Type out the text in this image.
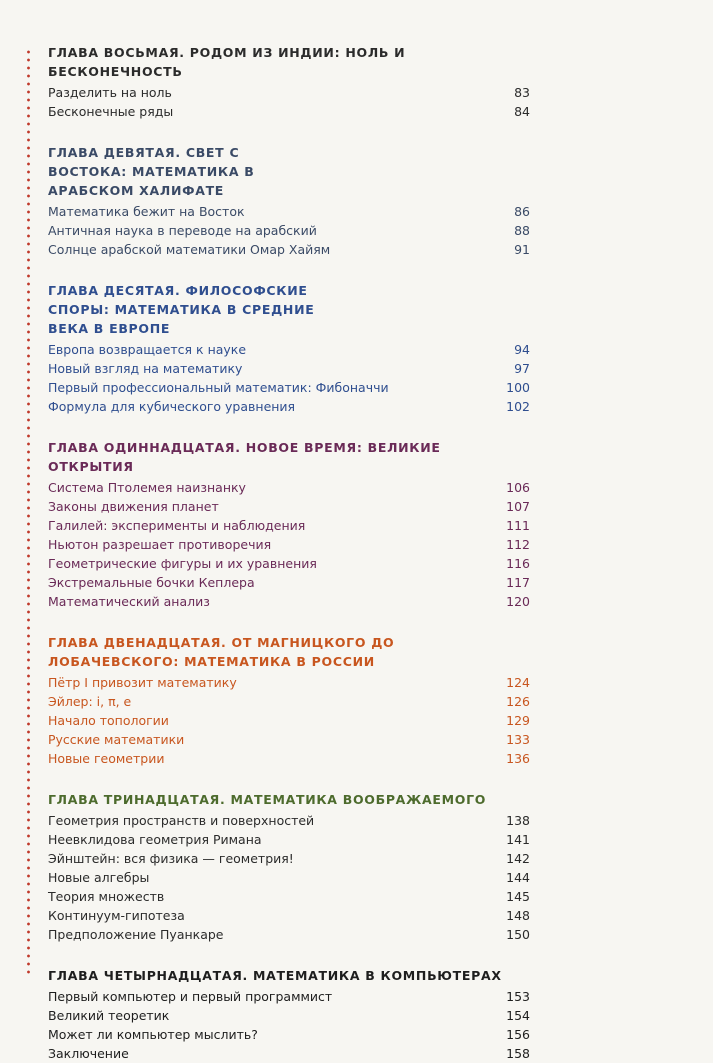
ГЛАВА ВОСЬМАЯ. РОДОМ ИЗ ИНДИИ: НОЛЬ И БЕСКОНЕЧНОСТЬ
Разделить на ноль	83
Бесконечные ряды	84
ГЛАВА ДЕВЯТАЯ. СВЕТ С ВОСТОКА: МАТЕМАТИКА В АРАБСКОМ ХАЛИФАТЕ
Математика бежит на Восток	86
Античная наука в переводе на арабский	88
Солнце арабской математики Омар Хайям	91
ГЛАВА ДЕСЯТАЯ. ФИЛОСОФСКИЕ СПОРЫ: МАТЕМАТИКА В СРЕДНИЕ ВЕКА В ЕВРОПЕ
Европа возвращается к науке	94
Новый взгляд на математику	97
Первый профессиональный математик: Фибоначчи	100
Формула для кубического уравнения	102
ГЛАВА ОДИННАДЦАТАЯ. НОВОЕ ВРЕМЯ: ВЕЛИКИЕ ОТКРЫТИЯ
Система Птолемея наизнанку	106
Законы движения планет	107
Галилей: эксперименты и наблюдения	111
Ньютон разрешает противоречия	112
Геометрические фигуры и их уравнения	116
Экстремальные бочки Кеплера	117
Математический анализ	120
ГЛАВА ДВЕНАДЦАТАЯ. ОТ МАГНИЦКОГО ДО ЛОБАЧЕВСКОГО: МАТЕМАТИКА В РОССИИ
Пётр I привозит математику	124
Эйлер: i, π, e	126
Начало топологии	129
Русские математики	133
Новые геометрии	136
ГЛАВА ТРИНАДЦАТАЯ. МАТЕМАТИКА ВООБРАЖАЕМОГО
Геометрия пространств и поверхностей	138
Неевклидова геометрия Римана	141
Эйнштейн: вся физика — геометрия!	142
Новые алгебры	144
Теория множеств	145
Континуум-гипотеза	148
Предположение Пуанкаре	150
ГЛАВА ЧЕТЫРНАДЦАТАЯ. МАТЕМАТИКА В КОМПЬЮТЕРАХ
Первый компьютер и первый программист	153
Великий теоретик	154
Может ли компьютер мыслить?	156
Заключение	158
